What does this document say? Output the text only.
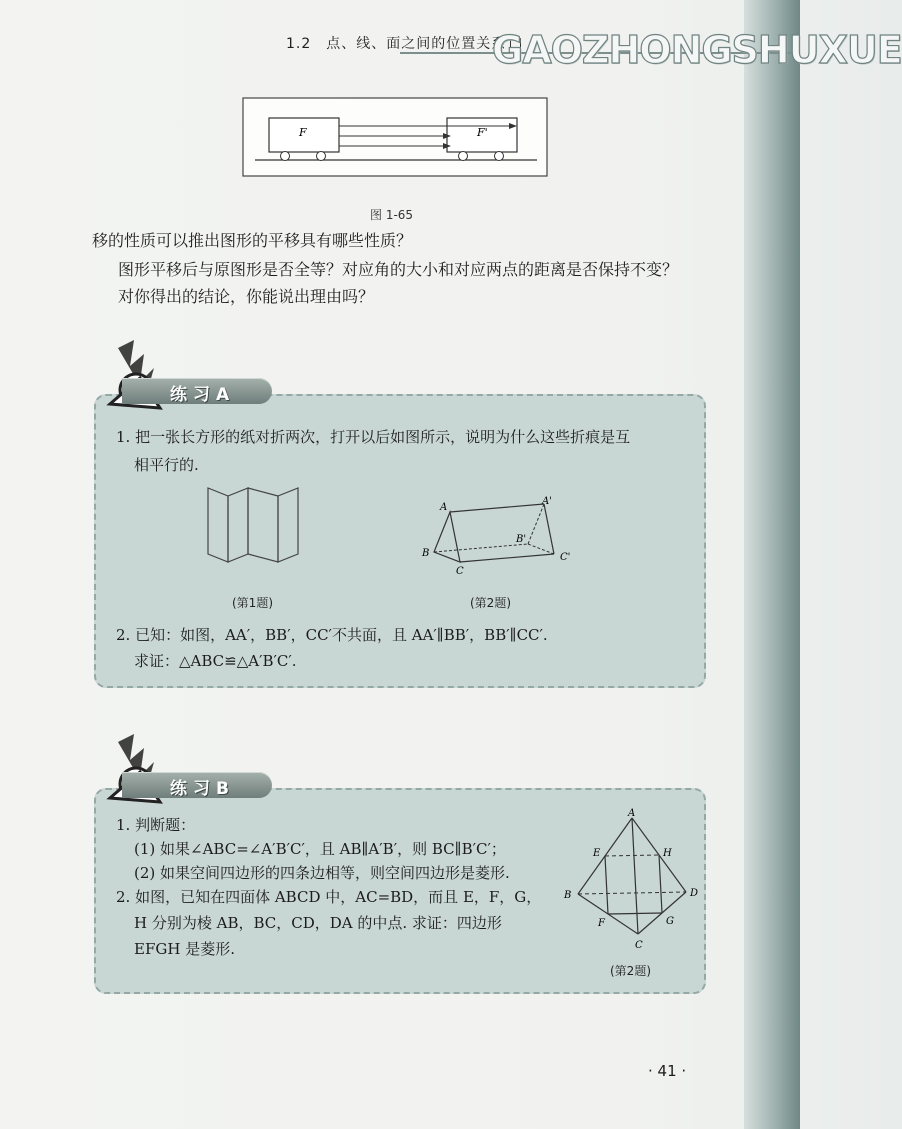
1.2　点、线、面之间的位置关系
GAOZHONGSHUXUE
F	F'
图 1-65
移的性质可以推出图形的平移具有哪些性质？
图形平移后与原图形是否全等？对应角的大小和对应两点的距离是否保持不变？
对你得出的结论，你能说出理由吗？
练习A
1. 把一张长方形的纸对折两次，打开以后如图所示，说明为什么这些折痕是互
相平行的.
(第1题)
A
A'
B
B'
C
C'
(第2题)
2. 已知：如图，AA′，BB′，CC′不共面，且 AA′∥BB′，BB′∥CC′.
求证：△ABC≌△A′B′C′.
练习B
1. 判断题：
(1) 如果∠ABC=∠A′B′C′，且 AB∥A′B′，则 BC∥B′C′；
(2) 如果空间四边形的四条边相等，则空间四边形是菱形.
2. 如图，已知在四面体 ABCD 中，AC=BD，而且 E，F，G，
H 分别为棱 AB，BC，CD，DA 的中点. 求证：四边形
EFGH 是菱形.
A
B
C
D
E
F	G
H
(第2题)
· 41 ·
